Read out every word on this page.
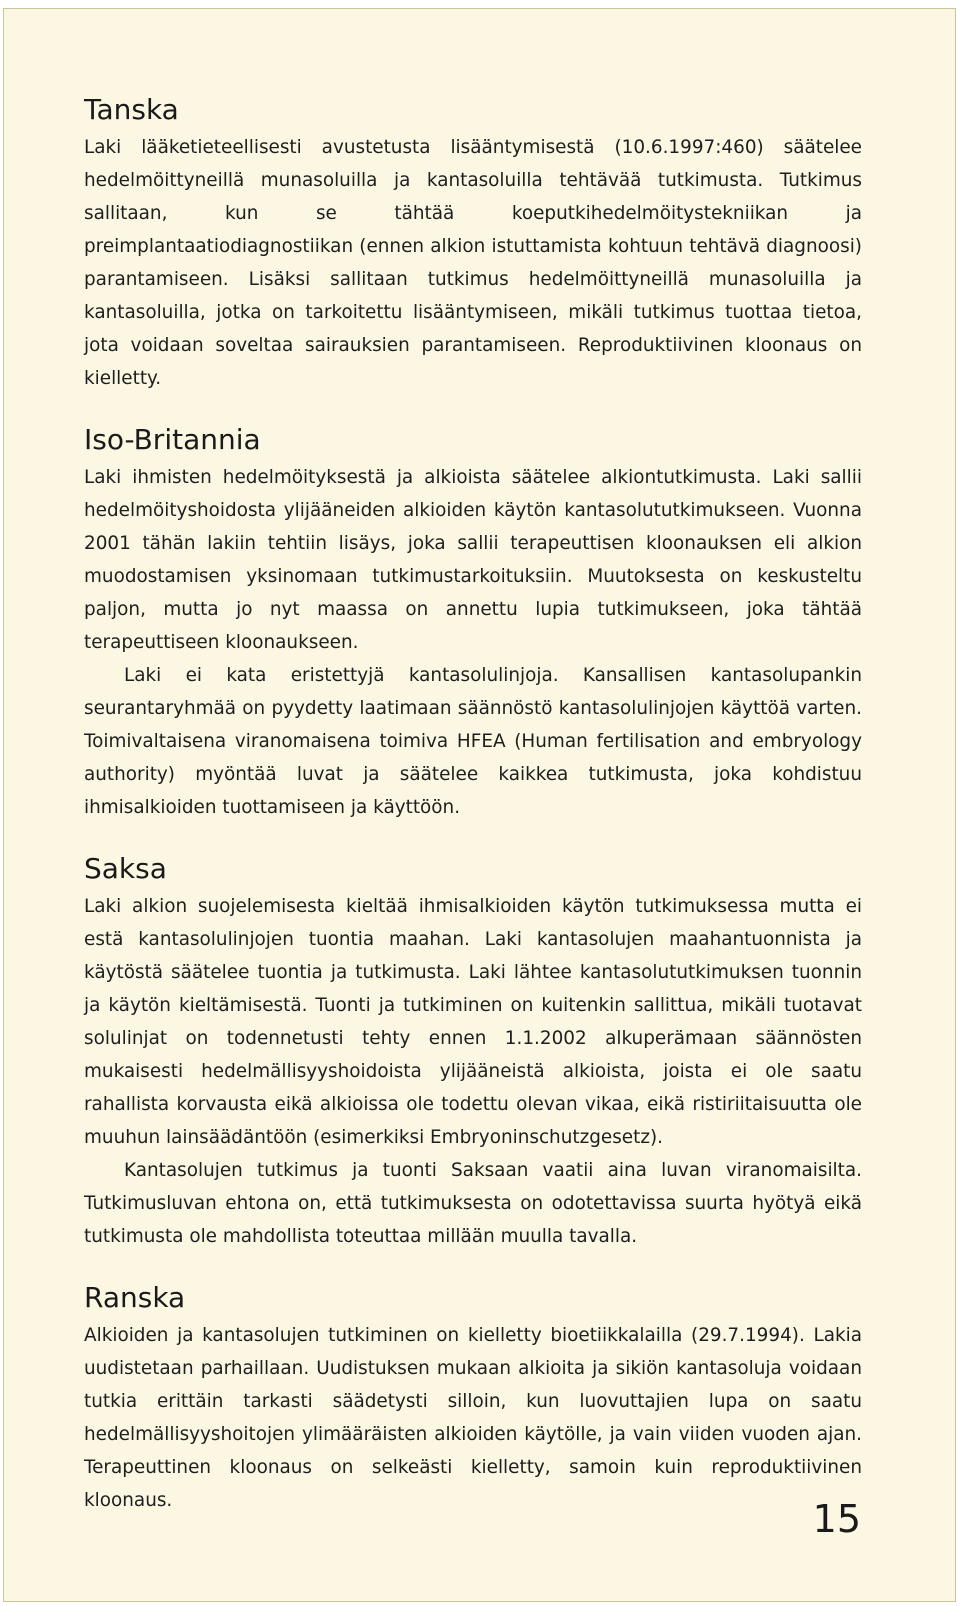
Tanska

Laki lääketieteellisesti avustetusta lisääntymisestä (10.6.1997:460) säätelee hedelmöittyneillä munasoluilla ja kantasoluilla tehtävää tutkimusta. Tutkimus sallitaan, kun se tähtää koeputkihedelmöitystekniikan ja preimplantaatiodiagnostiikan (ennen alkion istuttamista kohtuun tehtävä diagnoosi) parantamiseen. Lisäksi sallitaan tutkimus hedelmöittyneillä munasoluilla ja kantasoluilla, jotka on tarkoitettu lisääntymiseen, mikäli tutkimus tuottaa tietoa, jota voidaan soveltaa sairauksien parantamiseen. Reproduktiivinen kloonaus on kielletty.

Iso-Britannia

Laki ihmisten hedelmöityksestä ja alkioista säätelee alkiontutkimusta. Laki sallii hedelmöityshoidosta ylijääneiden alkioiden käytön kantasolututkimukseen. Vuonna 2001 tähän lakiin tehtiin lisäys, joka sallii terapeuttisen kloonauksen eli alkion muodostamisen yksinomaan tutkimustarkoituksiin. Muutoksesta on keskusteltu paljon, mutta jo nyt maassa on annettu lupia tutkimukseen, joka tähtää terapeuttiseen kloonaukseen.

Laki ei kata eristettyjä kantasolulinjoja. Kansallisen kantasolupankin seurantaryhmää on pyydetty laatimaan säännöstö kantasolulinjojen käyttöä varten. Toimivaltaisena viranomaisena toimiva HFEA (Human fertilisation and embryology authority) myöntää luvat ja säätelee kaikkea tutkimusta, joka kohdistuu ihmisalkioiden tuottamiseen ja käyttöön.

Saksa

Laki alkion suojelemisesta kieltää ihmisalkioiden käytön tutkimuksessa mutta ei estä kantasolulinjojen tuontia maahan. Laki kantasolujen maahantuonnista ja käytöstä säätelee tuontia ja tutkimusta. Laki lähtee kantasolututkimuksen tuonnin ja käytön kieltämisestä. Tuonti ja tutkiminen on kuitenkin sallittua, mikäli tuotavat solulinjat on todennetusti tehty ennen 1.1.2002 alkuperämaan säännösten mukaisesti hedelmällisyyshoidoista ylijääneistä alkioista, joista ei ole saatu rahallista korvausta eikä alkioissa ole todettu olevan vikaa, eikä ristiriitaisuutta ole muuhun lainsäädäntöön (esimerkiksi Embryoninschutzgesetz).

Kantasolujen tutkimus ja tuonti Saksaan vaatii aina luvan viranomaisilta. Tutkimusluvan ehtona on, että tutkimuksesta on odotettavissa suurta hyötyä eikä tutkimusta ole mahdollista toteuttaa millään muulla tavalla.

Ranska

Alkioiden ja kantasolujen tutkiminen on kielletty bioetiikkalailla (29.7.1994). Lakia uudistetaan parhaillaan. Uudistuksen mukaan alkioita ja sikiön kantasoluja voidaan tutkia erittäin tarkasti säädetysti silloin, kun luovuttajien lupa on saatu hedelmällisyyshoitojen ylimääräisten alkioiden käytölle, ja vain viiden vuoden ajan. Terapeuttinen kloonaus on selkeästi kielletty, samoin kuin reproduktiivinen kloonaus.	15
